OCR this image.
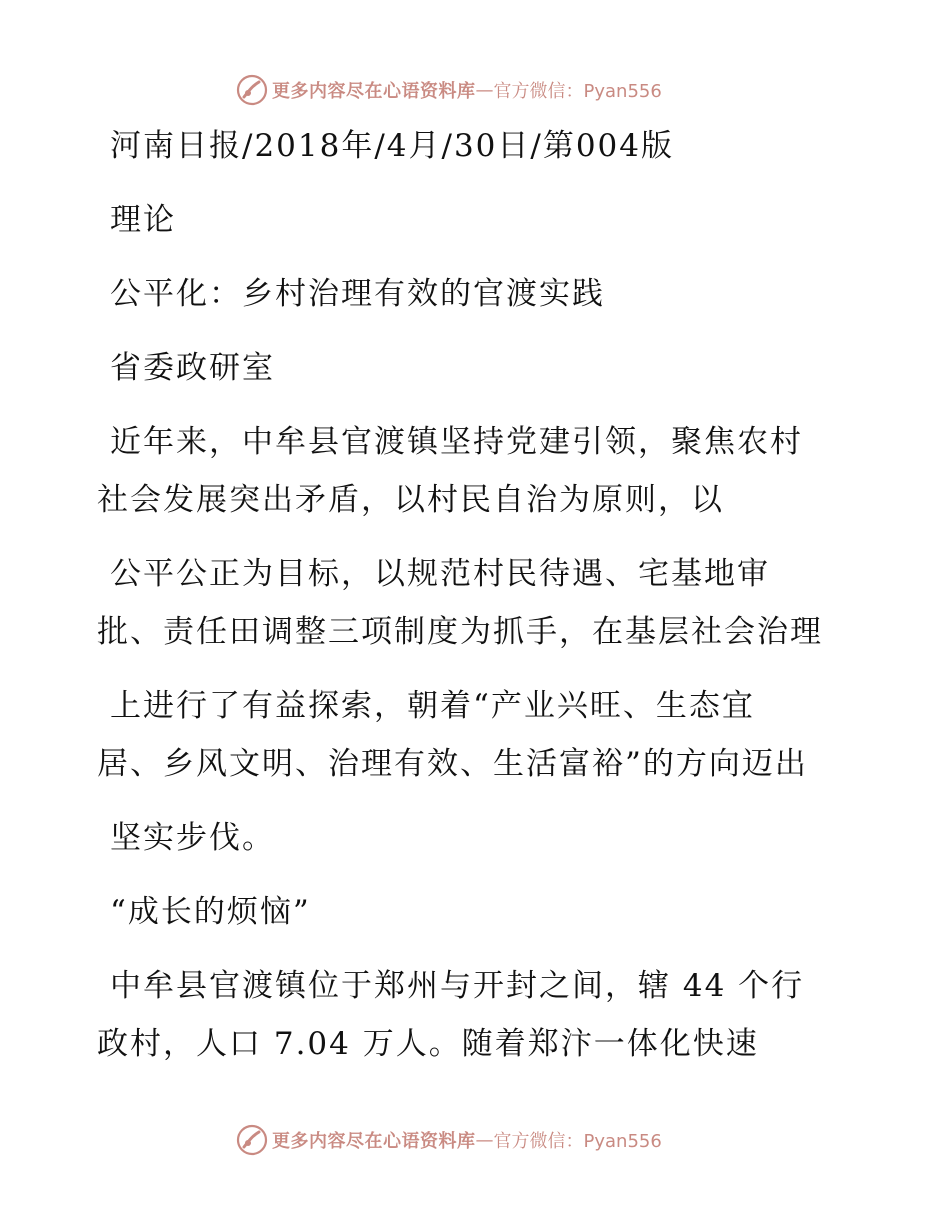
更多内容尽在心语资料库 — 官方微信：Pyan556
河南日报/2018年/4月/30日/第004版
理论
公平化：乡村治理有效的官渡实践
省委政研室
近年来，中牟县官渡镇坚持党建引领，聚焦农村
社会发展突出矛盾，以村民自治为原则，以
公平公正为目标，以规范村民待遇、宅基地审
批、责任田调整三项制度为抓手，在基层社会治理
上进行了有益探索，朝着“产业兴旺、生态宜
居、乡风文明、治理有效、生活富裕”的方向迈出
坚实步伐。
“成长的烦恼”
中牟县官渡镇位于郑州与开封之间，辖 44 个行
政村，人口 7.04 万人。随着郑汴一体化快速
更多内容尽在心语资料库 — 官方微信：Pyan556
